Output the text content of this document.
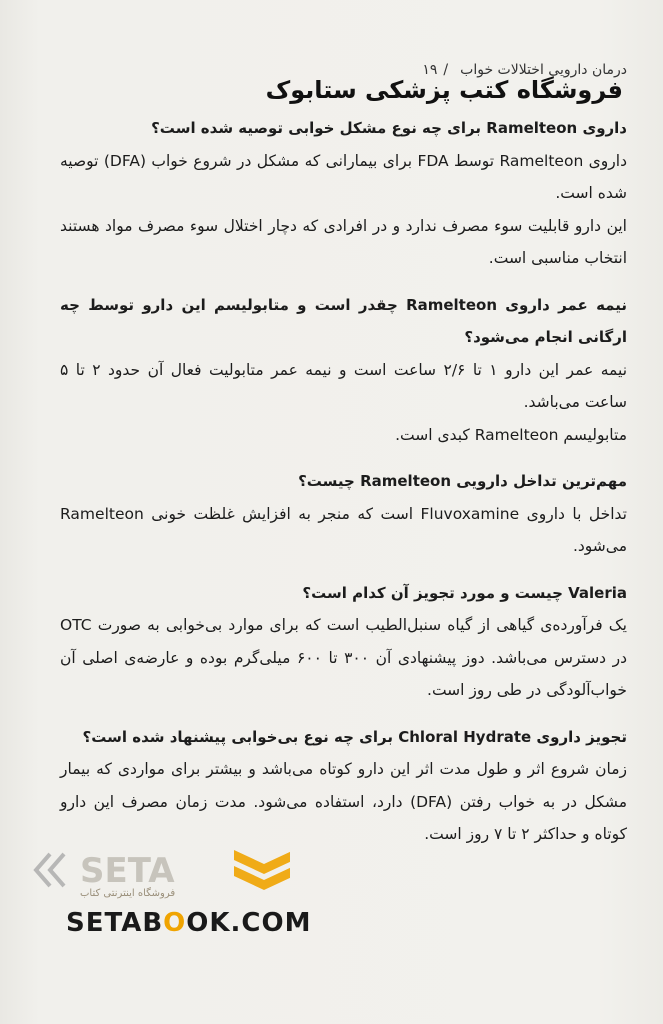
درمان دارویی اختلالات خواب
/
۱۹
فروشگاه کتب پزشکی ستابوک
داروی Ramelteon برای چه نوع مشکل خوابی توصیه شده است؟
داروی Ramelteon توسط FDA برای بیمارانی که مشکل در شروع خواب (DFA) توصیه شده است.
این دارو قابلیت سوء مصرف ندارد و در افرادی که دچار اختلال سوء مصرف مواد هستند انتخاب مناسبی است.
نیمه عمر داروی Ramelteon چقدر است و متابولیسم این دارو توسط چه ارگانی انجام می‌شود؟
نیمه عمر این دارو ۱ تا ۲/۶ ساعت است و نیمه عمر متابولیت فعال آن حدود ۲ تا ۵ ساعت می‌باشد.
متابولیسم Ramelteon کبدی است.
مهم‌ترین تداخل دارویی Ramelteon چیست؟
تداخل با داروی Fluvoxamine است که منجر به افزایش غلظت خونی Ramelteon می‌شود.
Valeria چیست و مورد تجویز آن کدام است؟
یک فرآورده‌ی گیاهی از گیاه سنبل‌الطیب است که برای موارد بی‌خوابی به صورت OTC در دسترس می‌باشد. دوز پیشنهادی آن ۳۰۰ تا ۶۰۰ میلی‌گرم بوده و عارضه‌ی اصلی آن خواب‌آلودگی در طی روز است.
تجویز داروی Chloral Hydrate برای چه نوع بی‌خوابی پیشنهاد شده است؟
زمان شروع اثر و طول مدت اثر این دارو کوتاه می‌باشد و بیشتر برای مواردی که بیمار مشکل در به خواب رفتن (DFA) دارد، استفاده می‌شود. مدت زمان مصرف این دارو کوتاه و حداکثر ۲ تا ۷ روز است.
SETA
فروشگاه اینترنتی کتاب
SETABOOK.COM
